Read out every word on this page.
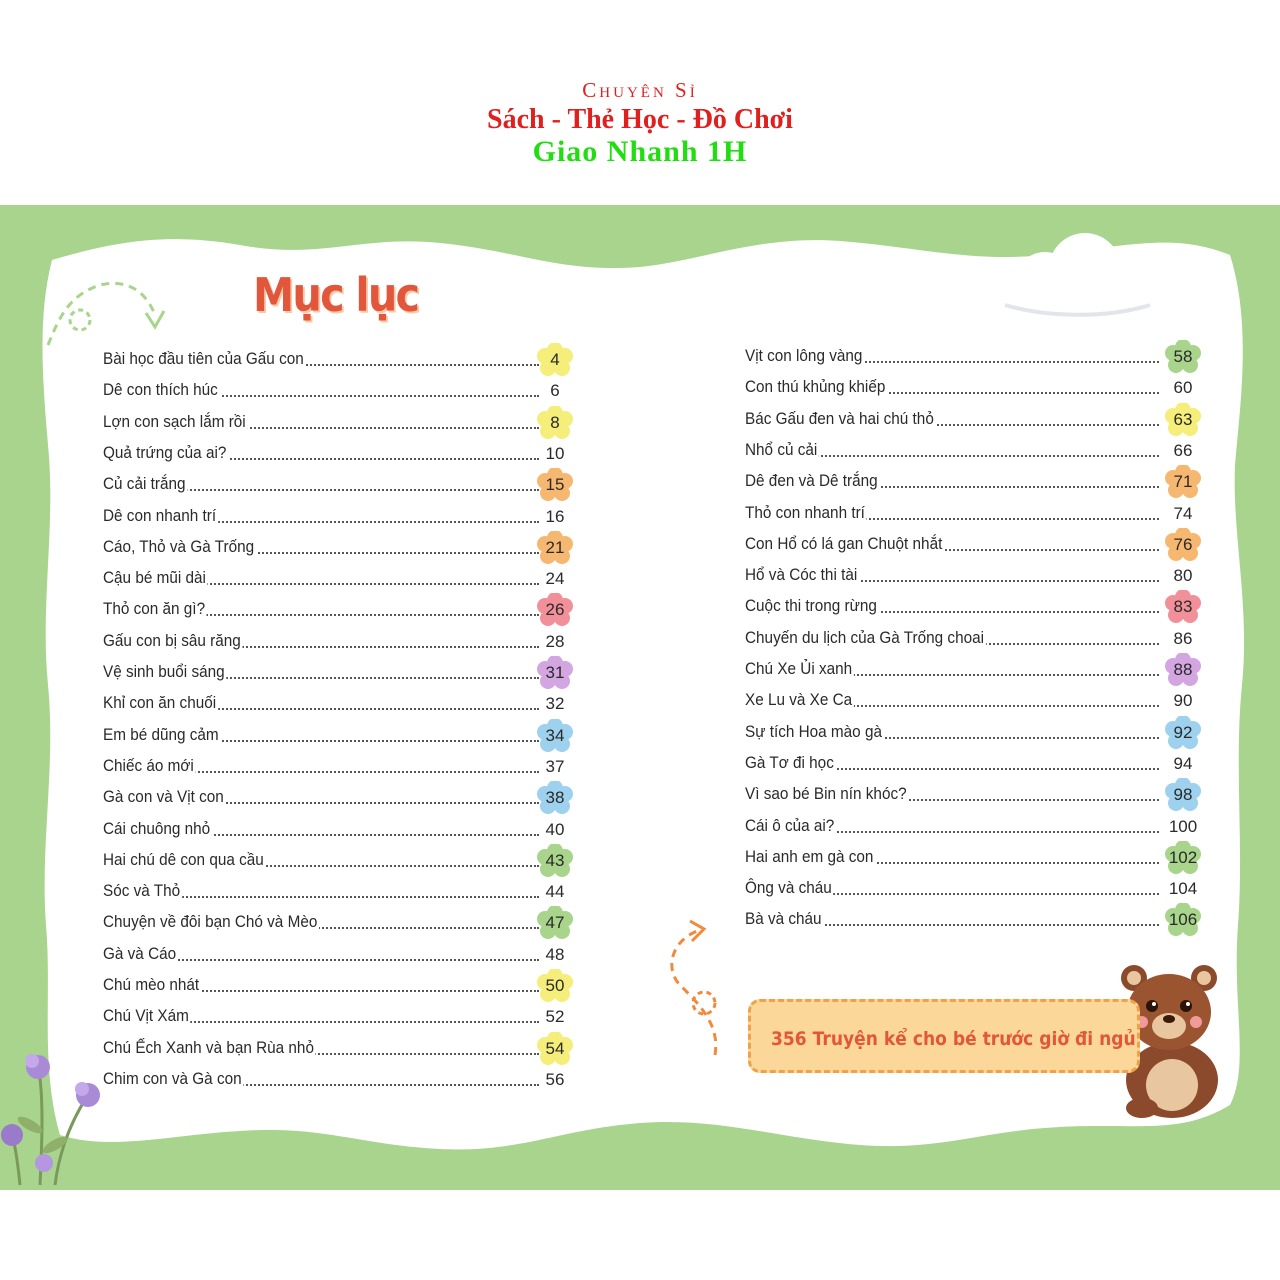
Chuyên Sỉ
Sách - Thẻ Học - Đồ Chơi
Giao Nhanh 1H
356 Truyện kể cho bé trước giờ đi ngủ
Mục lục
Bài học đầu tiên của Gấu con	4
Dê con thích húc	6
Lợn con sạch lắm rồi	8
Quả trứng của ai?	10
Củ cải trắng	15
Dê con nhanh trí	16
Cáo, Thỏ và Gà Trống	21
Cậu bé mũi dài	24
Thỏ con ăn gì?	26
Gấu con bị sâu răng	28
Vệ sinh buổi sáng	31
Khỉ con ăn chuối	32
Em bé dũng cảm	34
Chiếc áo mới	37
Gà con và Vịt con	38
Cái chuông nhỏ	40
Hai chú dê con qua cầu	43
Sóc và Thỏ	44
Chuyện về đôi bạn Chó và Mèo	47
Gà và Cáo	48
Chú mèo nhát	50
Chú Vịt Xám	52
Chú Ếch Xanh và bạn Rùa nhỏ	54
Chim con và Gà con	56
Vịt con lông vàng	58
Con thú khủng khiếp	60
Bác Gấu đen và hai chú thỏ	63
Nhổ củ cải	66
Dê đen và Dê trắng	71
Thỏ con nhanh trí	74
Con Hổ có lá gan Chuột nhắt	76
Hổ và Cóc thi tài	80
Cuộc thi trong rừng	83
Chuyến du lịch của Gà Trống choai	86
Chú Xe Ủi xanh	88
Xe Lu và Xe Ca	90
Sự tích Hoa mào gà	92
Gà Tơ đi học	94
Vì sao bé Bin nín khóc?	98
Cái ô của ai?	100
Hai anh em gà con	102
Ông và cháu	104
Bà và cháu	106
